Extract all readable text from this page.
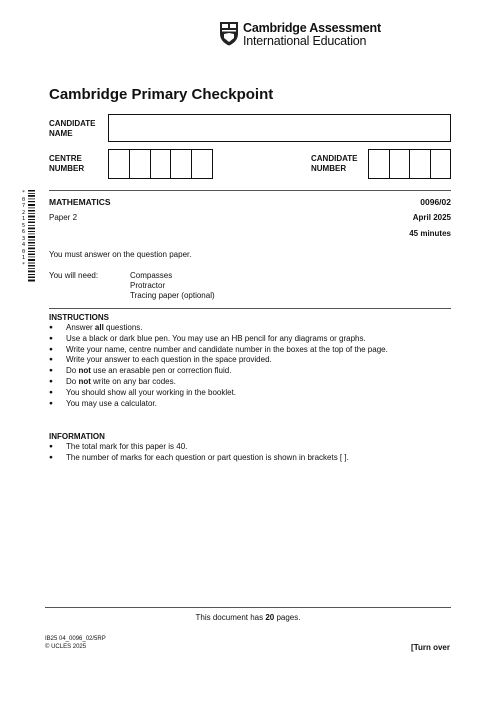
Cambridge Assessment
International Education
Cambridge Primary Checkpoint
CANDIDATE
NAME
CENTRE
NUMBER
CANDIDATE
NUMBER
*
0
7
2
1
5
6
3
4
0
1
*
MATHEMATICS	0096/02
Paper 2	April 2025
45 minutes
You must answer on the question paper.
You will need:	Compasses
Protractor
Tracing paper (optional)
INSTRUCTIONS
● Answer all questions.
● Use a black or dark blue pen. You may use an HB pencil for any diagrams or graphs.
● Write your name, centre number and candidate number in the boxes at the top of the page.
● Write your answer to each question in the space provided.
● Do not use an erasable pen or correction fluid.
● Do not write on any bar codes.
● You should show all your working in the booklet.
● You may use a calculator.
INFORMATION
● The total mark for this paper is 40.
● The number of marks for each question or part question is shown in brackets [ ].
This document has 20 pages.
IB25 04_0096_02/5RP
© UCLES 2025	[Turn over
